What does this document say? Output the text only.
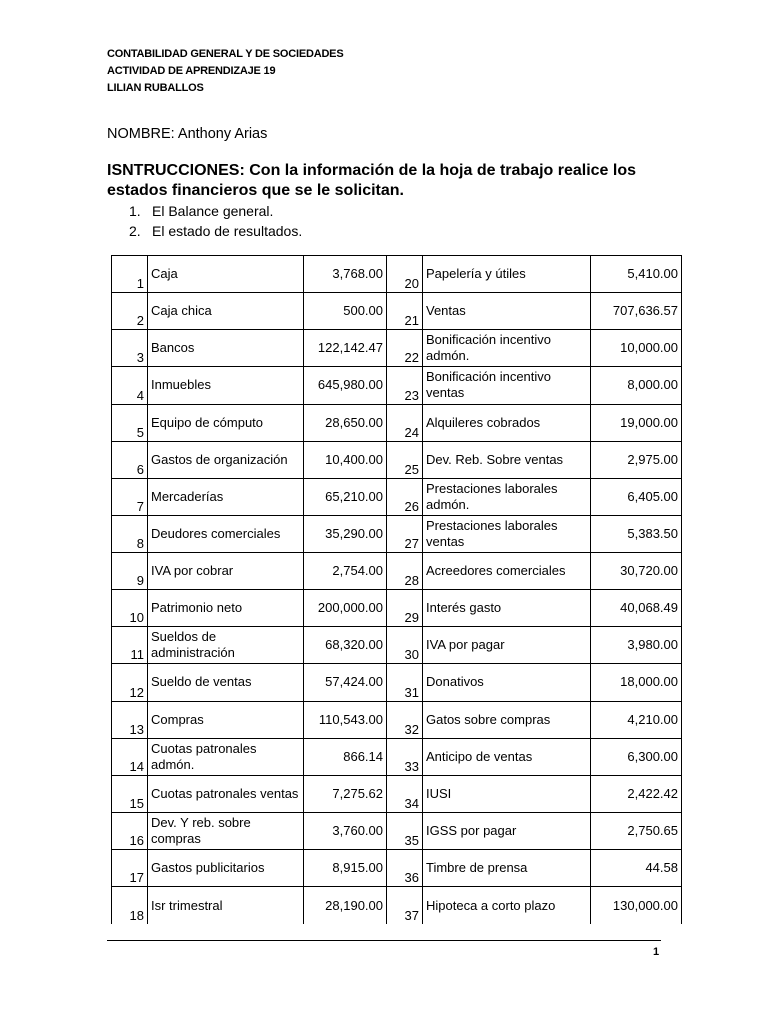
CONTABILIDAD GENERAL Y DE SOCIEDADES
ACTIVIDAD DE APRENDIZAJE 19
LILIAN RUBALLOS
NOMBRE: Anthony Arias
ISNTRUCCIONES: Con la información de la hoja de trabajo realice los estados financieros que se le solicitan.
1. El Balance general.
2. El estado de resultados.
1	Caja	3,768.00	20	Papelería y útiles	5,410.00
2	Caja chica	500.00	21	Ventas	707,636.57
3	Bancos	122,142.47	22	Bonificación incentivo admón.	10,000.00
4	Inmuebles	645,980.00	23	Bonificación incentivo ventas	8,000.00
5	Equipo de cómputo	28,650.00	24	Alquileres cobrados	19,000.00
6	Gastos de organización	10,400.00	25	Dev. Reb. Sobre ventas	2,975.00
7	Mercaderías	65,210.00	26	Prestaciones laborales admón.	6,405.00
8	Deudores comerciales	35,290.00	27	Prestaciones laborales ventas	5,383.50
9	IVA por cobrar	2,754.00	28	Acreedores comerciales	30,720.00
10	Patrimonio neto	200,000.00	29	Interés gasto	40,068.49
11	Sueldos de administración	68,320.00	30	IVA por pagar	3,980.00
12	Sueldo de ventas	57,424.00	31	Donativos	18,000.00
13	Compras	110,543.00	32	Gatos sobre compras	4,210.00
14	Cuotas patronales admón.	866.14	33	Anticipo de ventas	6,300.00
15	Cuotas patronales ventas	7,275.62	34	IUSI	2,422.42
16	Dev. Y reb. sobre compras	3,760.00	35	IGSS por pagar	2,750.65
17	Gastos publicitarios	8,915.00	36	Timbre de prensa	44.58
18	Isr trimestral	28,190.00	37	Hipoteca a corto plazo	130,000.00
1
